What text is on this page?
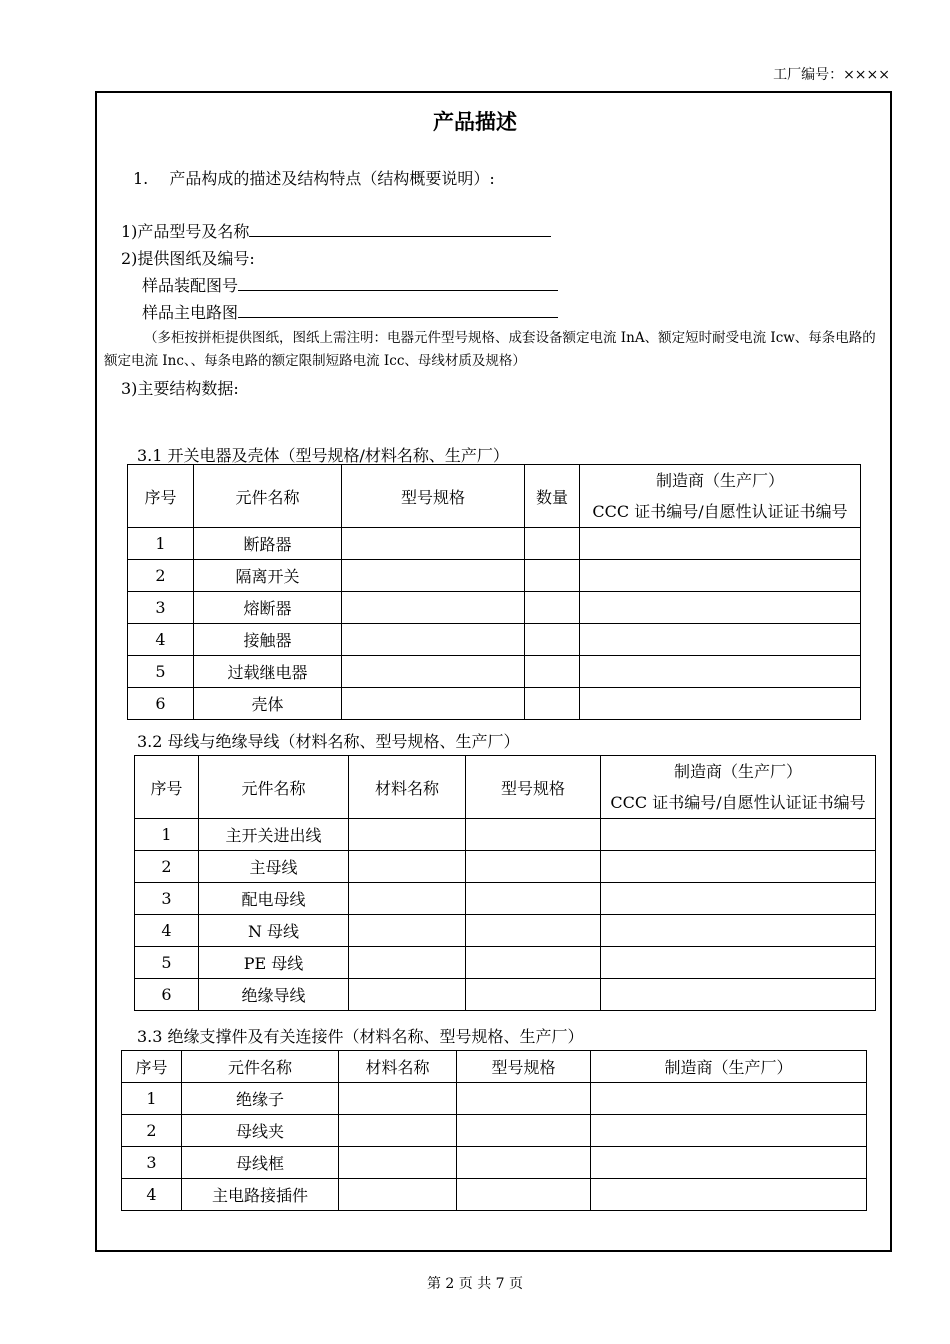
工厂编号：××××
产品描述
1.　 产品构成的描述及结构特点（结构概要说明）:
1)产品型号及名称
2)提供图纸及编号:
样品装配图号
样品主电路图
（多柜按拼柜提供图纸，图纸上需注明：电器元件型号规格、成套设备额定电流 InA、额定短时耐受电流 Icw、每条电路的额定电流 Inc、、每条电路的额定限制短路电流 Icc、母线材质及规格）
3)主要结构数据:
3.1 开关电器及壳体（型号规格/材料名称、生产厂）
序号	元件名称	型号规格	数量	制造商（生产厂）
CCC 证书编号/自愿性认证证书编号

1	断路器			
2	隔离开关			
3	熔断器			
4	接触器			
5	过载继电器			
6	壳体			
3.2 母线与绝缘导线（材料名称、型号规格、生产厂）
序号	元件名称	材料名称	型号规格	制造商（生产厂）
CCC 证书编号/自愿性认证证书编号

1	主开关进出线			
2	主母线			
3	配电母线			
4	N 母线			
5	PE 母线			
6	绝缘导线			
3.3 绝缘支撑件及有关连接件（材料名称、型号规格、生产厂）
序号	元件名称	材料名称	型号规格	制造商（生产厂）
1	绝缘子			
2	母线夹			
3	母线框			
4	主电路接插件			
第 2 页 共 7 页
